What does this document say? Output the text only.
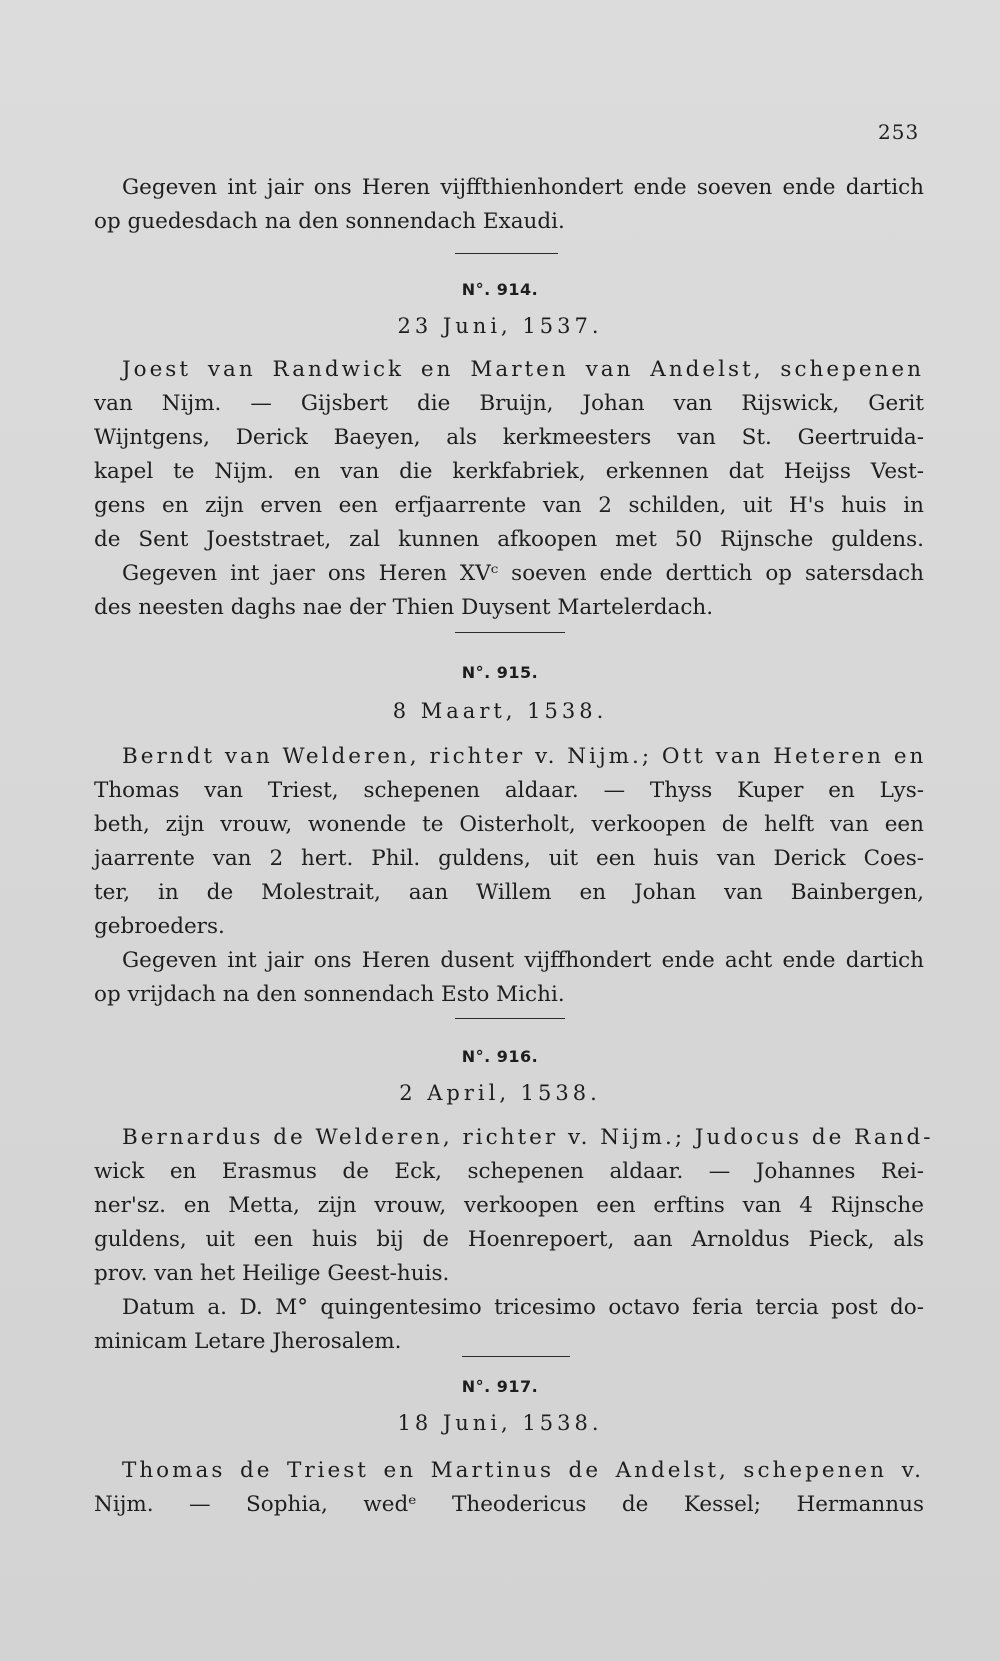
253
Gegeven int jair ons Heren vijffthienhondert ende soeven ende dartich
op guedesdach na den sonnendach Exaudi.
N°. 914.
23 Juni, 1537.
Joest van Randwick en Marten van Andelst, schepenen
van Nijm. — Gijsbert die Bruijn, Johan van Rijswick, Gerit
Wijntgens, Derick Baeyen, als kerkmeesters van St. Geertruida-
kapel te Nijm. en van die kerkfabriek, erkennen dat Heijss Vest-
gens en zijn erven een erfjaarrente van 2 schilden, uit H's huis in
de Sent Joeststraet, zal kunnen afkoopen met 50 Rijnsche guldens.
Gegeven int jaer ons Heren XVᶜ soeven ende derttich op satersdach
des neesten daghs nae der Thien Duysent Martelerdach.
N°. 915.
8 Maart, 1538.
Berndt van Welderen, richter v. Nijm.; Ott van Heteren en
Thomas van Triest, schepenen aldaar. — Thyss Kuper en Lys-
beth, zijn vrouw, wonende te Oisterholt, verkoopen de helft van een
jaarrente van 2 hert. Phil. guldens, uit een huis van Derick Coes-
ter, in de Molestrait, aan Willem en Johan van Bainbergen,
gebroeders.
Gegeven int jair ons Heren dusent vijffhondert ende acht ende dartich
op vrijdach na den sonnendach Esto Michi.
N°. 916.
2 April, 1538.
Bernardus de Welderen, richter v. Nijm.; Judocus de Rand-
wick en Erasmus de Eck, schepenen aldaar. — Johannes Rei-
ner'sz. en Metta, zijn vrouw, verkoopen een erftins van 4 Rijnsche
guldens, uit een huis bij de Hoenrepoert, aan Arnoldus Pieck, als
prov. van het Heilige Geest-huis.
Datum a. D. M° quingentesimo tricesimo octavo feria tercia post do-
minicam Letare Jherosalem.
N°. 917.
18 Juni, 1538.
Thomas de Triest en Martinus de Andelst, schepenen v.
Nijm. — Sophia, wedᵉ Theodericus de Kessel; Hermannus
